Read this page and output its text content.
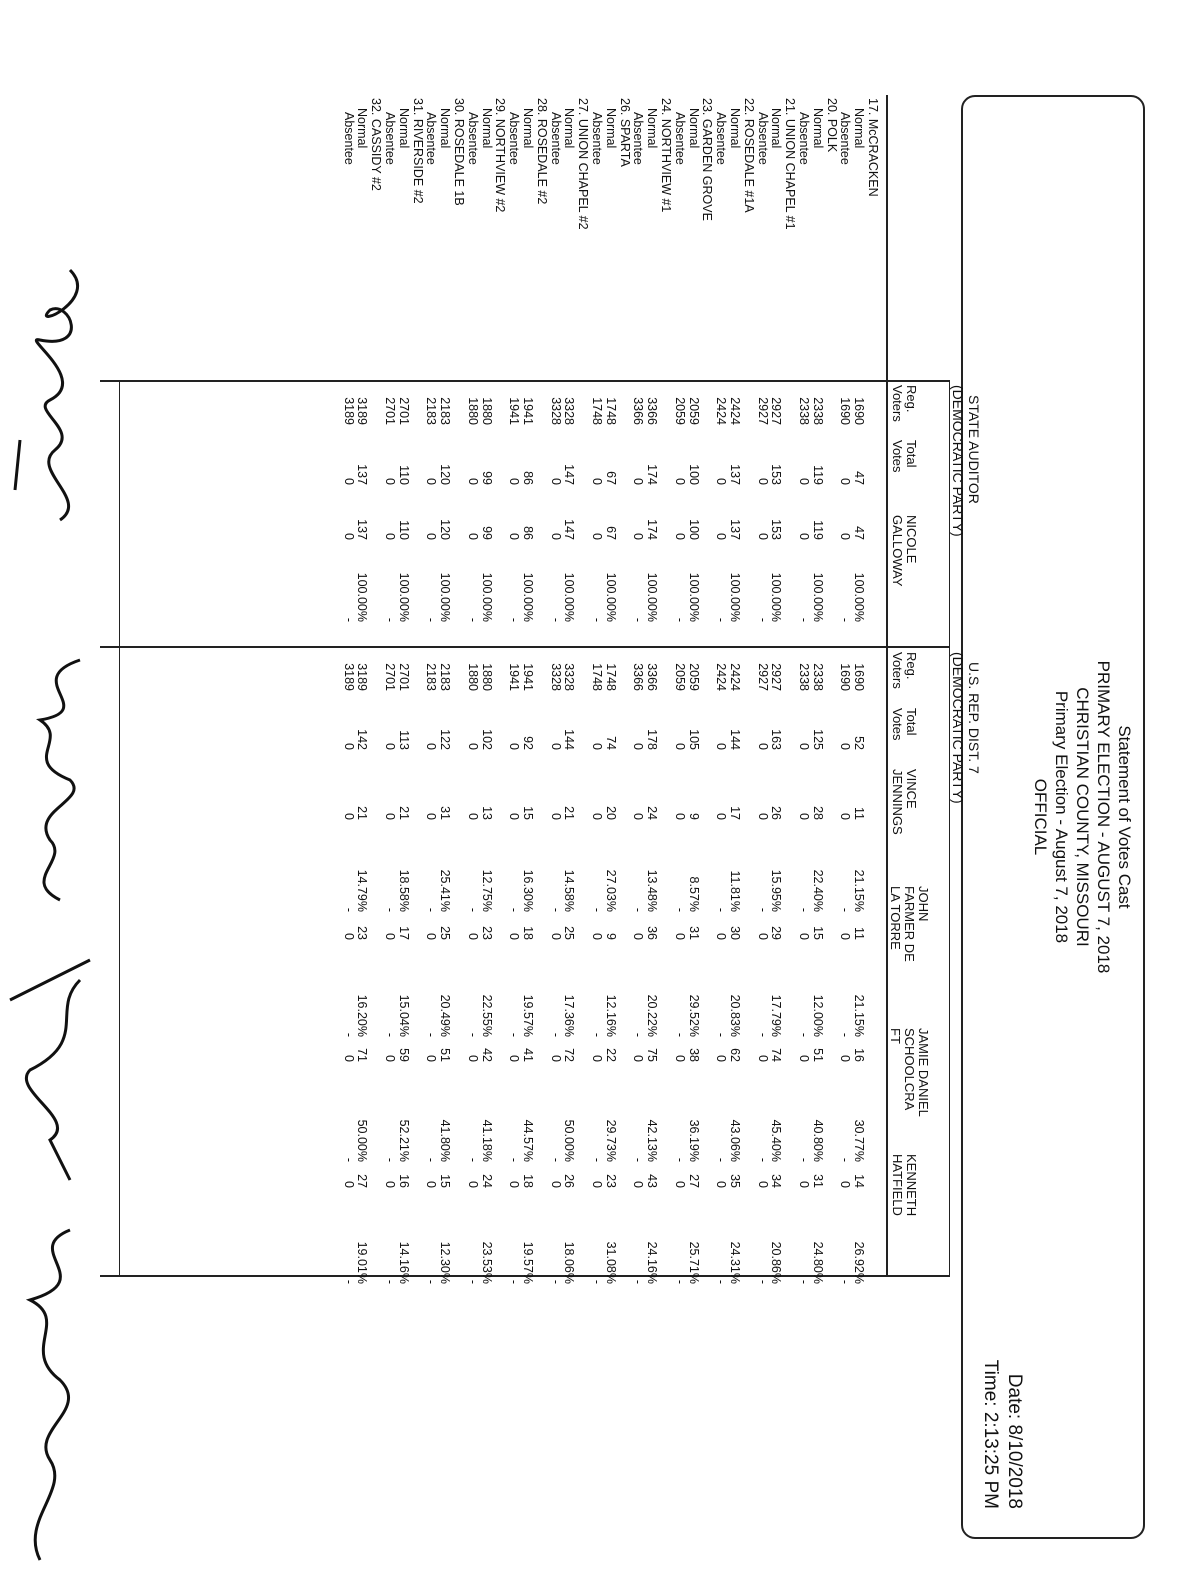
Statement of Votes Cast
PRIMARY ELECTION - AUGUST 7, 2018
CHRISTIAN COUNTY, MISSOURI
Primary Election - August 7, 2018
OFFICIAL
Date: 8/10/2018
Time: 2:13:25 PM
STATE AUDITOR
(DEMOCRATIC PARTY)
U.S. REP. DIST. 7
(DEMOCRATIC PARTY)
Reg.
Voters
Total
Votes
NICOLE
GALLOWAY
Reg.
Voters
Total
Votes
VINCE
JENNINGS
JOHN
FARMER DE
LA TORRE
JAMIE DANIEL
SCHOOLCRA
FT
KENNETH
HATFIELD
17. McCRACKEN
Normal
1690
47
47
100.00%
1690
52
11
21.15%
11
21.15%
16
30.77%
14
26.92%
Absentee
1690
0
0
-
1690
0
0
-
0
-
0
-
0
-
20. POLK
Normal
2338
119
119
100.00%
2338
125
28
22.40%
15
12.00%
51
40.80%
31
24.80%
Absentee
2338
0
0
-
2338
0
0
-
0
-
0
-
0
-
21. UNION CHAPEL #1
Normal
2927
153
153
100.00%
2927
163
26
15.95%
29
17.79%
74
45.40%
34
20.86%
Absentee
2927
0
0
-
2927
0
0
-
0
-
0
-
0
-
22. ROSEDALE #1A
Normal
2424
137
137
100.00%
2424
144
17
11.81%
30
20.83%
62
43.06%
35
24.31%
Absentee
2424
0
0
-
2424
0
0
-
0
-
0
-
0
-
23. GARDEN GROVE
Normal
2059
100
100
100.00%
2059
105
9
8.57%
31
29.52%
38
36.19%
27
25.71%
Absentee
2059
0
0
-
2059
0
0
-
0
-
0
-
0
-
24. NORTHVIEW #1
Normal
3366
174
174
100.00%
3366
178
24
13.48%
36
20.22%
75
42.13%
43
24.16%
Absentee
3366
0
0
-
3366
0
0
-
0
-
0
-
0
-
26. SPARTA
Normal
1748
67
67
100.00%
1748
74
20
27.03%
9
12.16%
22
29.73%
23
31.08%
Absentee
1748
0
0
-
1748
0
0
-
0
-
0
-
0
-
27. UNION CHAPEL #2
Normal
3328
147
147
100.00%
3328
144
21
14.58%
25
17.36%
72
50.00%
26
18.06%
Absentee
3328
0
0
-
3328
0
0
-
0
-
0
-
0
-
28. ROSEDALE #2
Normal
1941
86
86
100.00%
1941
92
15
16.30%
18
19.57%
41
44.57%
18
19.57%
Absentee
1941
0
0
-
1941
0
0
-
0
-
0
-
0
-
29. NORTHVIEW #2
Normal
1880
99
99
100.00%
1880
102
13
12.75%
23
22.55%
42
41.18%
24
23.53%
Absentee
1880
0
0
-
1880
0
0
-
0
-
0
-
0
-
30. ROSEDALE 1B
Normal
2183
120
120
100.00%
2183
122
31
25.41%
25
20.49%
51
41.80%
15
12.30%
Absentee
2183
0
0
-
2183
0
0
-
0
-
0
-
0
-
31. RIVERSIDE #2
Normal
2701
110
110
100.00%
2701
113
21
18.58%
17
15.04%
59
52.21%
16
14.16%
Absentee
2701
0
0
-
2701
0
0
-
0
-
0
-
0
-
32. CASSIDY #2
Normal
3189
137
137
100.00%
3189
142
21
14.79%
23
16.20%
71
50.00%
27
19.01%
Absentee
3189
0
0
-
3189
0
0
-
0
-
0
-
0
-
